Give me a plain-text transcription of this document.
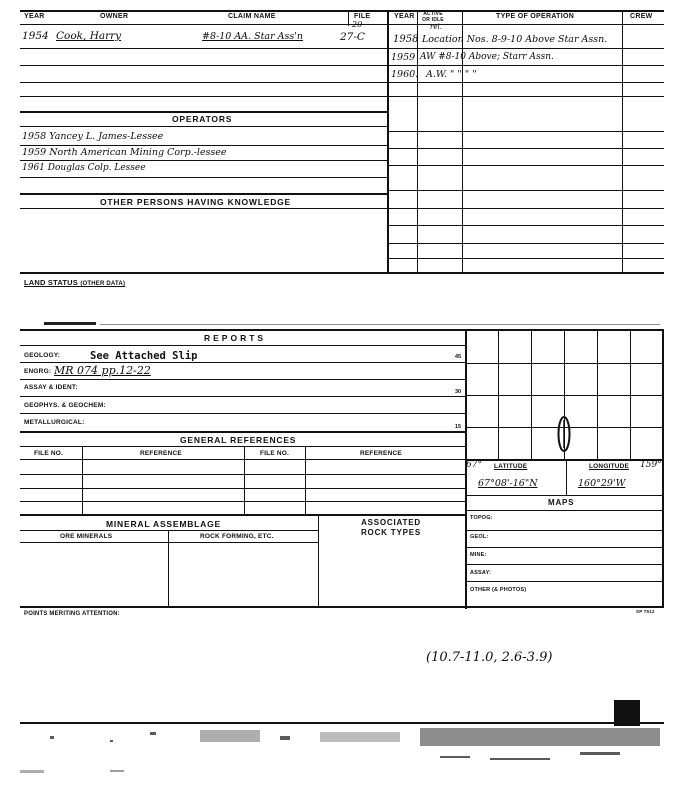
YEAR	OWNER	CLAIM NAME	FILE	YEAR	ACTIVE OR IDLE	TYPE OF OPERATION	CREW
1954 Cook, Harry	#8-10 AA. Star Ass'n	27-C
20
1958 Location Nos. 8-9-10 Above Star Assn.
rel.
1959 AW #8-10 Above; Starr Assn.
1960. A.W. " " " "
OPERATORS
1958 Yancey L. James-Lessee
1959 North American Mining Corp.-lessee
1961 Douglas Colp. Lessee
OTHER PERSONS HAVING KNOWLEDGE
LAND STATUS (OTHER DATA)
REPORTS
GEOLOGY:	See Attached Slip	45
ENGRG: MR 074 pp.12-22
ASSAY & IDENT:
30
GEOPHYS. & GEOCHEM:
METALLURGICAL:
15
GENERAL REFERENCES
FILE NO.	REFERENCE	FILE NO.	REFERENCE
MINERAL ASSEMBLAGE	ASSOCIATED ROCK TYPES
ORE MINERALS	ROCK FORMING, ETC.
67° LATITUDE	LONGITUDE 159°
67°08'-16"N	160°29'W
MAPS
TOPOG:
GEOL:
MINE:
ASSAY:
OTHER (& PHOTOS)
POINTS MERITING ATTENTION:	SP 7512
(10.7-11.0, 2.6-3.9)
